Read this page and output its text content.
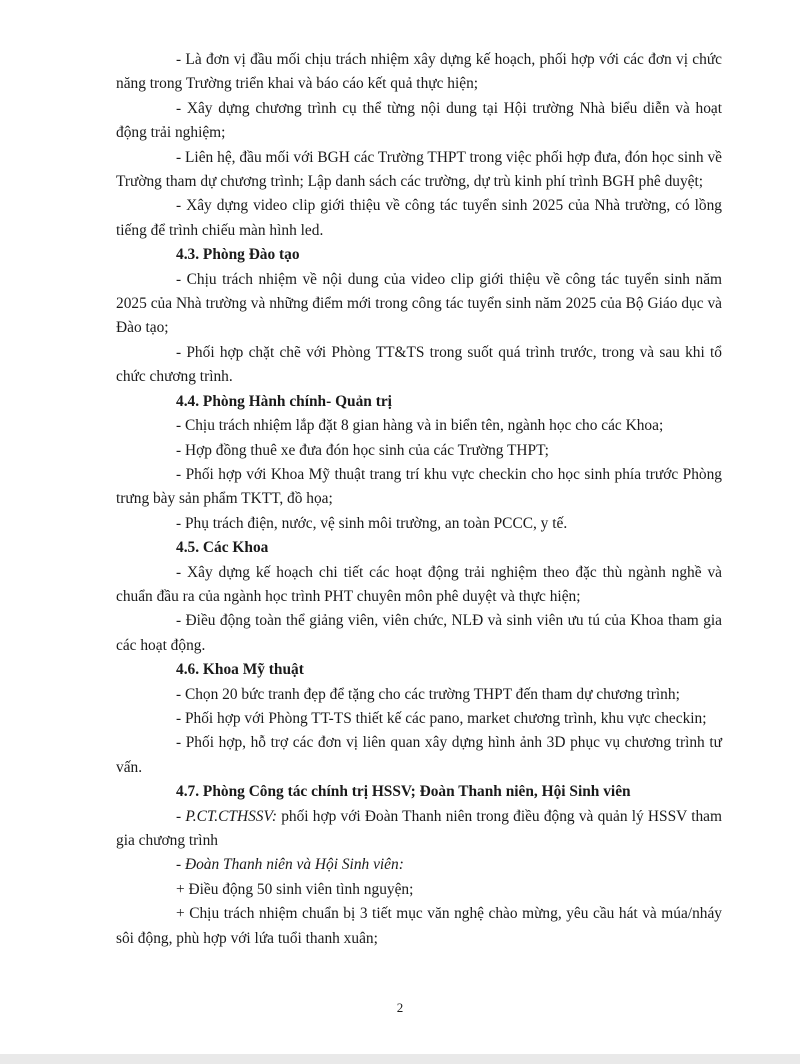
- Là đơn vị đầu mối chịu trách nhiệm xây dựng kế hoạch, phối hợp với các đơn vị chức năng trong Trường triển khai và báo cáo kết quả thực hiện;

- Xây dựng chương trình cụ thể từng nội dung tại Hội trường Nhà biểu diễn và hoạt động trải nghiệm;

- Liên hệ, đầu mối với BGH các Trường THPT trong việc phối hợp đưa, đón học sinh về Trường tham dự chương trình; Lập danh sách các trường, dự trù kinh phí trình BGH phê duyệt;

- Xây dựng video clip giới thiệu về công tác tuyển sinh 2025 của Nhà trường, có lồng tiếng để trình chiếu màn hình led.

4.3. Phòng Đào tạo

- Chịu trách nhiệm về nội dung của video clip giới thiệu về công tác tuyển sinh năm 2025 của Nhà trường và những điểm mới trong công tác tuyển sinh năm 2025 của Bộ Giáo dục và Đào tạo;

- Phối hợp chặt chẽ với Phòng TT&TS trong suốt quá trình trước, trong và sau khi tổ chức chương trình.

4.4. Phòng Hành chính- Quản trị

- Chịu trách nhiệm lắp đặt 8 gian hàng và in biển tên, ngành học cho các Khoa;

- Hợp đồng thuê xe đưa đón học sinh của các Trường THPT;

- Phối hợp với Khoa Mỹ thuật trang trí khu vực checkin cho học sinh phía trước Phòng trưng bày sản phẩm TKTT, đồ họa;

- Phụ trách điện, nước, vệ sinh môi trường, an toàn PCCC, y tế.

4.5. Các Khoa

- Xây dựng kế hoạch chi tiết các hoạt động trải nghiệm theo đặc thù ngành nghề và chuẩn đầu ra của ngành học trình PHT chuyên môn phê duyệt và thực hiện;

- Điều động toàn thể giảng viên, viên chức, NLĐ và sinh viên ưu tú của Khoa tham gia các hoạt động.

4.6. Khoa Mỹ thuật

- Chọn 20 bức tranh đẹp để tặng cho các trường THPT đến tham dự chương trình;

- Phối hợp với Phòng TT-TS thiết kế các pano, market chương trình, khu vực checkin;

- Phối hợp, hỗ trợ các đơn vị liên quan xây dựng hình ảnh 3D phục vụ chương trình tư vấn.

4.7. Phòng Công tác chính trị HSSV; Đoàn Thanh niên, Hội Sinh viên

- P.CT.CTHSSV: phối hợp với Đoàn Thanh niên trong điều động và quản lý HSSV tham gia chương trình

- Đoàn Thanh niên và Hội Sinh viên:

+ Điều động 50 sinh viên tình nguyện;

+ Chịu trách nhiệm chuẩn bị 3 tiết mục văn nghệ chào mừng, yêu cầu hát và múa/nháy sôi động, phù hợp với lứa tuổi thanh xuân;

2
